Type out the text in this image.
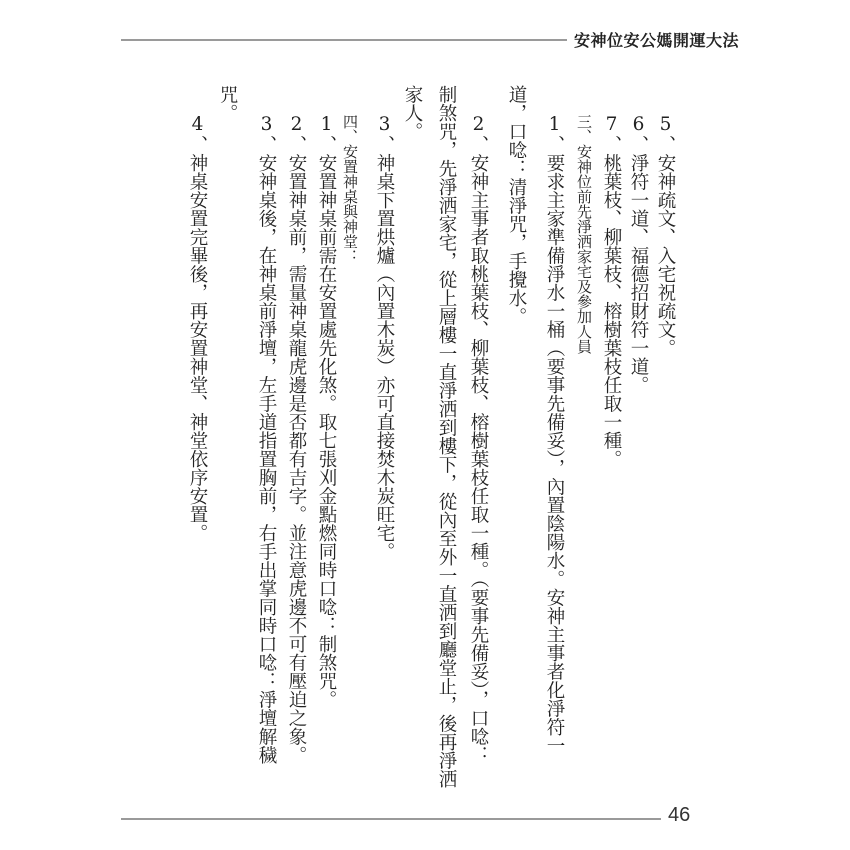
安神位安公媽開運大法
5、安神疏文、入宅祝疏文。
6、淨符一道、福德招財符一道。
7、桃葉枝、柳葉枝、榕樹葉枝任取一種。
三、安神位前先淨洒家宅及參加人員
1、要求主家準備淨水一桶（要事先備妥），內置陰陽水。安神主事者化淨符一
道，口唸：清淨咒，手攪水。
2、安神主事者取桃葉枝、柳葉枝、榕樹葉枝任取一種。（要事先備妥），口唸：
制煞咒，先淨洒家宅，從上層樓一直淨洒到樓下，從內至外一直洒到廳堂止，後再淨洒
家人。
3、神桌下置烘爐（內置木炭）亦可直接焚木炭旺宅。
四、安置神桌與神堂：
1、安置神桌前需在安置處先化煞。取七張刈金點燃同時口唸：制煞咒。
2、安置神桌前，需量神桌龍虎邊是否都有吉字。並注意虎邊不可有壓迫之象。
3、安神桌後，在神桌前淨壇，左手道指置胸前，右手出掌同時口唸：淨壇解穢
咒。
4、神桌安置完畢後，再安置神堂、神堂依序安置。
46
